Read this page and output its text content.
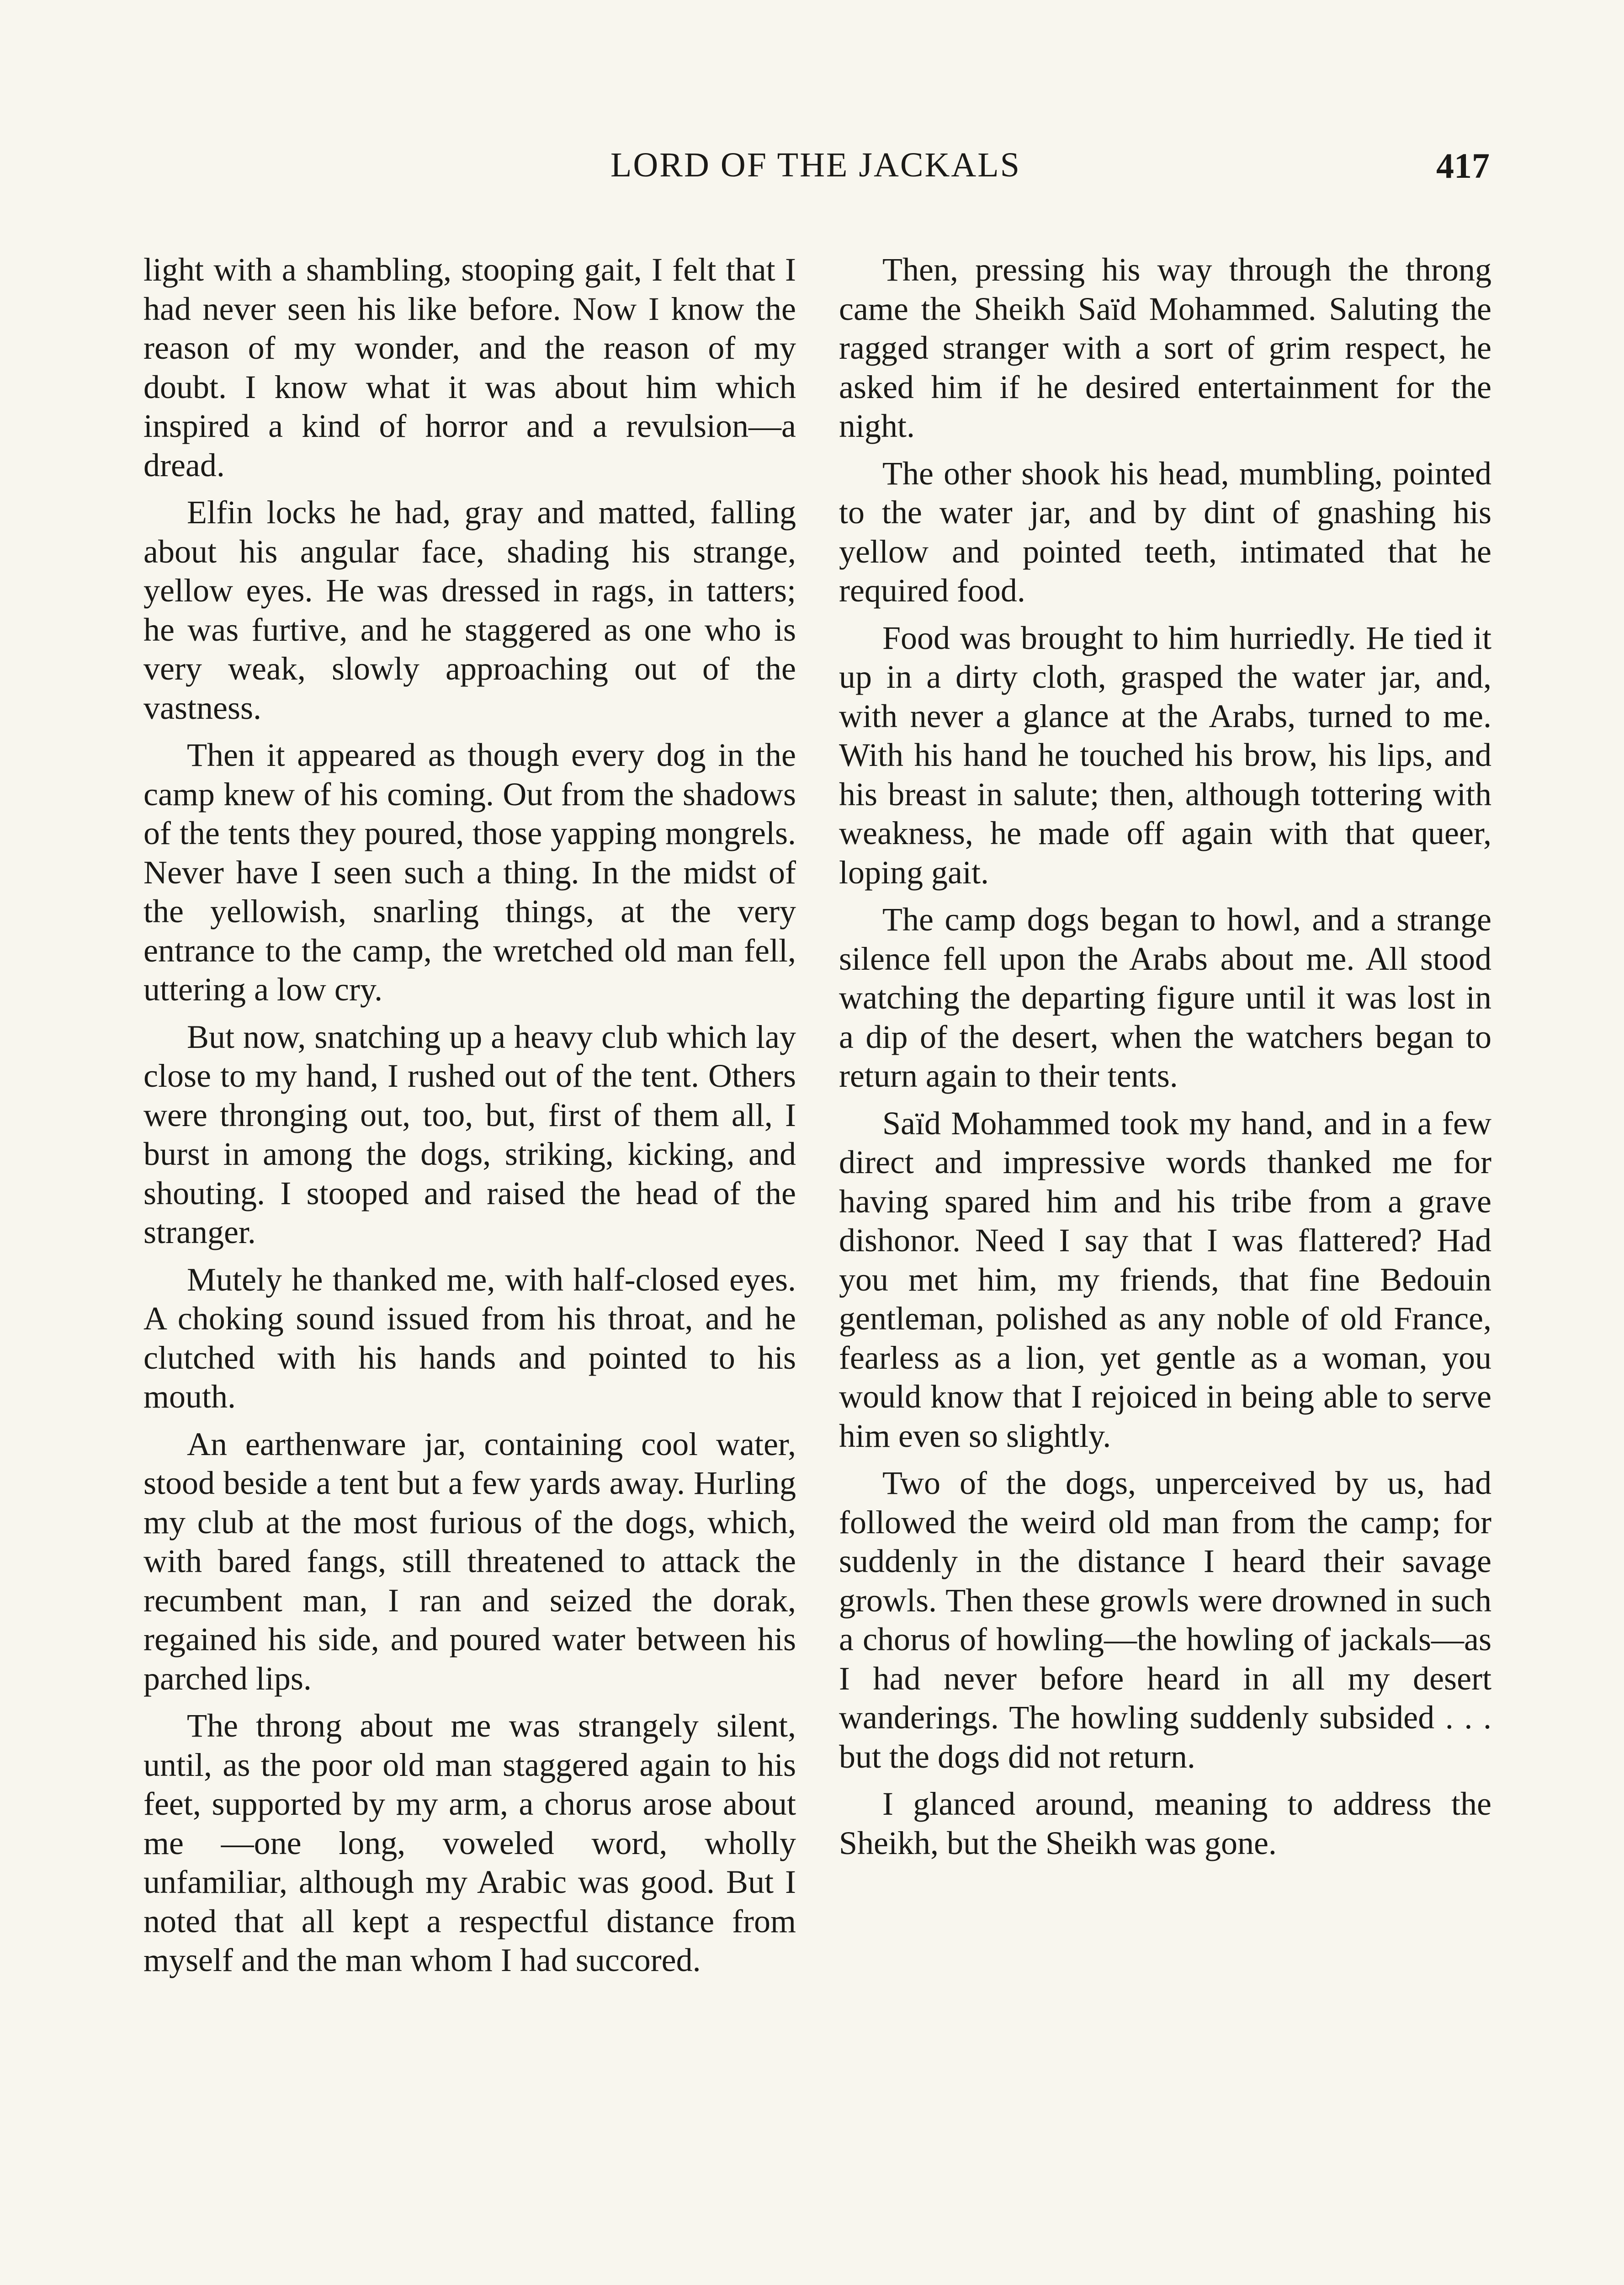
LORD OF THE JACKALS	417

light with a shambling, stooping gait, I felt that I had never seen his like before. Now I know the reason of my wonder, and the reason of my doubt. I know what it was about him which inspired a kind of horror and a revulsion—a dread.

Elfin locks he had, gray and matted, falling about his angular face, shading his strange, yellow eyes. He was dressed in rags, in tatters; he was furtive, and he staggered as one who is very weak, slowly approaching out of the vastness.

Then it appeared as though every dog in the camp knew of his coming. Out from the shadows of the tents they poured, those yapping mongrels. Never have I seen such a thing. In the midst of the yellowish, snarling things, at the very entrance to the camp, the wretched old man fell, uttering a low cry.

But now, snatching up a heavy club which lay close to my hand, I rushed out of the tent. Others were thronging out, too, but, first of them all, I burst in among the dogs, striking, kicking, and shouting. I stooped and raised the head of the stranger.

Mutely he thanked me, with half-closed eyes. A choking sound issued from his throat, and he clutched with his hands and pointed to his mouth.

An earthenware jar, containing cool water, stood beside a tent but a few yards away. Hurling my club at the most furious of the dogs, which, with bared fangs, still threatened to attack the recumbent man, I ran and seized the dorak, regained his side, and poured water between his parched lips.

The throng about me was strangely silent, until, as the poor old man staggered again to his feet, supported by my arm, a chorus arose about me —one long, voweled word, wholly unfamiliar, although my Arabic was good. But I noted that all kept a respectful distance from myself and the man whom I had succored.

Then, pressing his way through the throng came the Sheikh Saïd Mohammed. Saluting the ragged stranger with a sort of grim respect, he asked him if he desired entertainment for the night.

The other shook his head, mumbling, pointed to the water jar, and by dint of gnashing his yellow and pointed teeth, intimated that he required food.

Food was brought to him hurriedly. He tied it up in a dirty cloth, grasped the water jar, and, with never a glance at the Arabs, turned to me. With his hand he touched his brow, his lips, and his breast in salute; then, although tottering with weakness, he made off again with that queer, loping gait.

The camp dogs began to howl, and a strange silence fell upon the Arabs about me. All stood watching the departing figure until it was lost in a dip of the desert, when the watchers began to return again to their tents.

Saïd Mohammed took my hand, and in a few direct and impressive words thanked me for having spared him and his tribe from a grave dishonor. Need I say that I was flattered? Had you met him, my friends, that fine Bedouin gentleman, polished as any noble of old France, fearless as a lion, yet gentle as a woman, you would know that I rejoiced in being able to serve him even so slightly.

Two of the dogs, unperceived by us, had followed the weird old man from the camp; for suddenly in the distance I heard their savage growls. Then these growls were drowned in such a chorus of howling—the howling of jackals—as I had never before heard in all my desert wanderings. The howling suddenly subsided . . . but the dogs did not return.

I glanced around, meaning to address the Sheikh, but the Sheikh was gone.
